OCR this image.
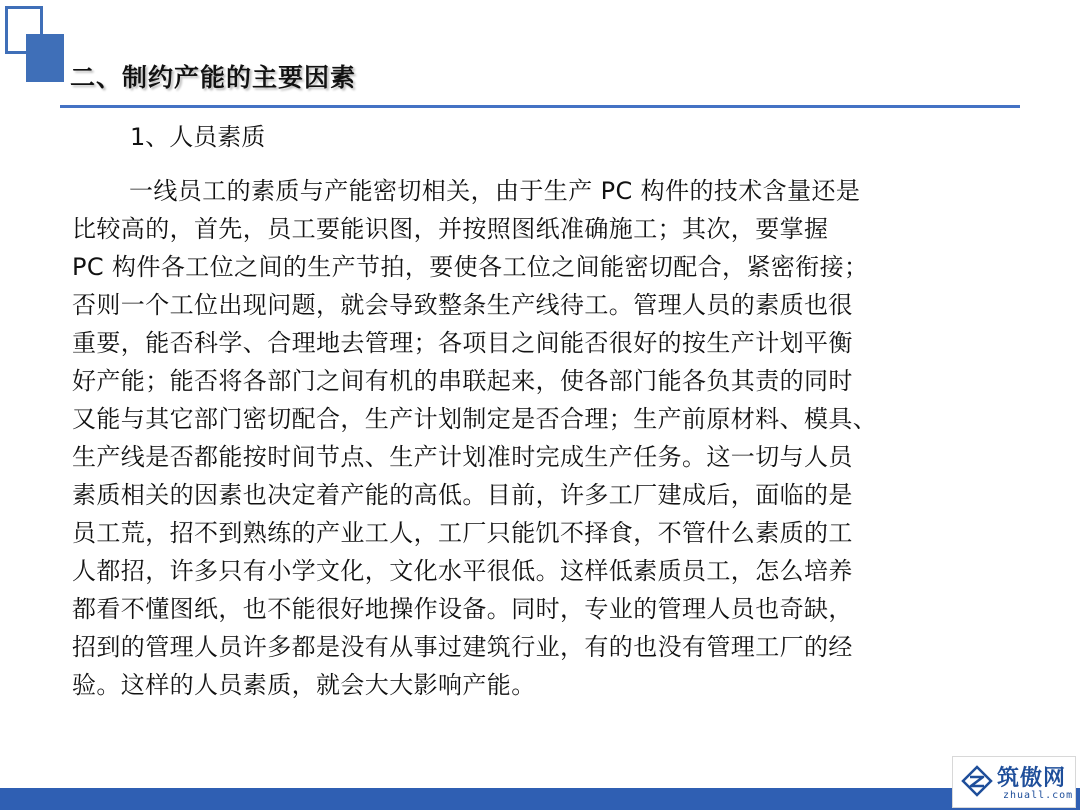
二、制约产能的主要因素
1、人员素质
一线员工的素质与产能密切相关，由于生产 PC 构件的技术含量还是
比较高的，首先，员工要能识图，并按照图纸准确施工；其次，要掌握
PC 构件各工位之间的生产节拍，要使各工位之间能密切配合，紧密衔接；
否则一个工位出现问题，就会导致整条生产线待工。管理人员的素质也很
重要，能否科学、合理地去管理；各项目之间能否很好的按生产计划平衡
好产能；能否将各部门之间有机的串联起来，使各部门能各负其责的同时
又能与其它部门密切配合，生产计划制定是否合理；生产前原材料、模具、
生产线是否都能按时间节点、生产计划准时完成生产任务。这一切与人员
素质相关的因素也决定着产能的高低。目前，许多工厂建成后，面临的是
员工荒，招不到熟练的产业工人，工厂只能饥不择食，不管什么素质的工
人都招，许多只有小学文化，文化水平很低。这样低素质员工，怎么培养
都看不懂图纸，也不能很好地操作设备。同时，专业的管理人员也奇缺，
招到的管理人员许多都是没有从事过建筑行业，有的也没有管理工厂的经
验。这样的人员素质，就会大大影响产能。
筑傲网
zhuall.com
